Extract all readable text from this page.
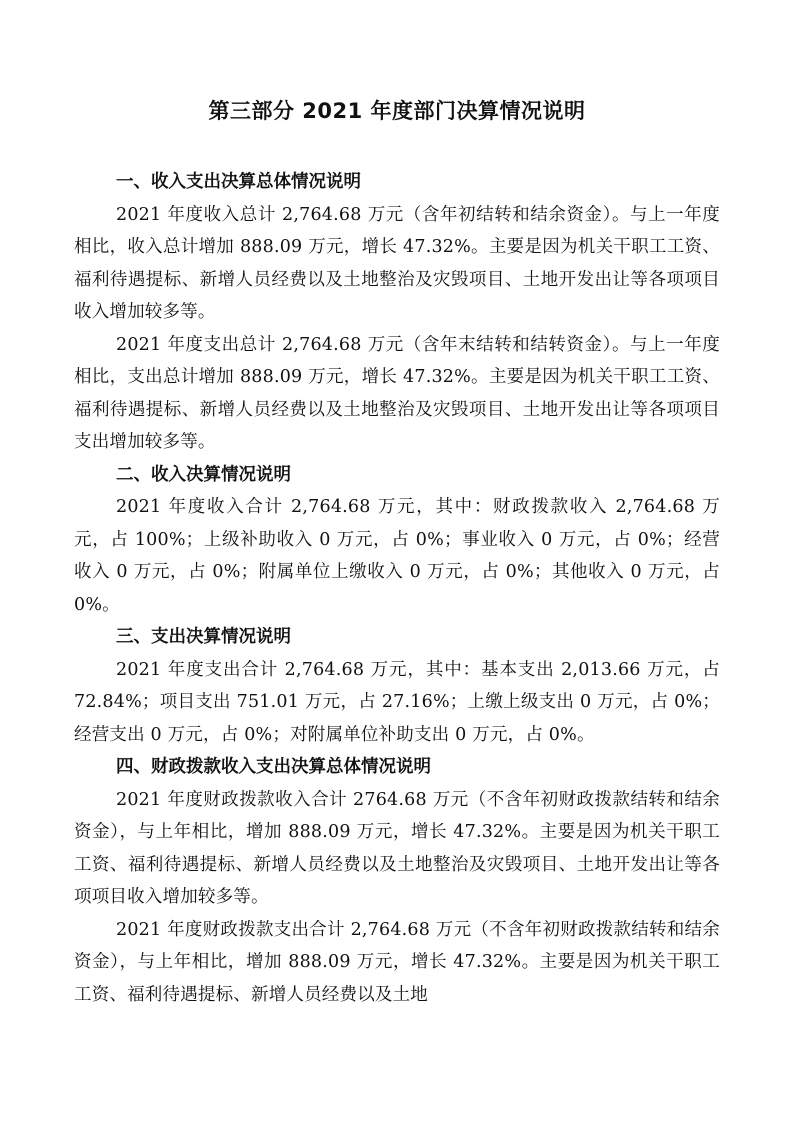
第三部分 2021 年度部门决算情况说明

一、收入支出决算总体情况说明

2021 年度收入总计 2,764.68 万元（含年初结转和结余资金）。与上一年度相比，收入总计增加 888.09 万元，增长 47.32%。主要是因为机关干职工工资、福利待遇提标、新增人员经费以及土地整治及灾毁项目、土地开发出让等各项项目收入增加较多等。

2021 年度支出总计 2,764.68 万元（含年末结转和结转资金）。与上一年度相比，支出总计增加 888.09 万元，增长 47.32%。主要是因为机关干职工工资、福利待遇提标、新增人员经费以及土地整治及灾毁项目、土地开发出让等各项项目支出增加较多等。

二、收入决算情况说明

2021 年度收入合计 2,764.68 万元，其中：财政拨款收入 2,764.68 万元，占 100%；上级补助收入 0 万元，占 0%；事业收入 0 万元，占 0%；经营收入 0 万元，占 0%；附属单位上缴收入 0 万元，占 0%；其他收入 0 万元，占 0%。

三、支出决算情况说明

2021 年度支出合计 2,764.68 万元，其中：基本支出 2,013.66 万元，占 72.84%；项目支出 751.01 万元，占 27.16%；上缴上级支出 0 万元，占 0%；经营支出 0 万元，占 0%；对附属单位补助支出 0 万元，占 0%。

四、财政拨款收入支出决算总体情况说明

2021 年度财政拨款收入合计 2764.68 万元（不含年初财政拨款结转和结余资金），与上年相比，增加 888.09 万元，增长 47.32%。主要是因为机关干职工工资、福利待遇提标、新增人员经费以及土地整治及灾毁项目、土地开发出让等各项项目收入增加较多等。

2021 年度财政拨款支出合计 2,764.68 万元（不含年初财政拨款结转和结余资金），与上年相比，增加 888.09 万元，增长 47.32%。主要是因为机关干职工工资、福利待遇提标、新增人员经费以及土地
